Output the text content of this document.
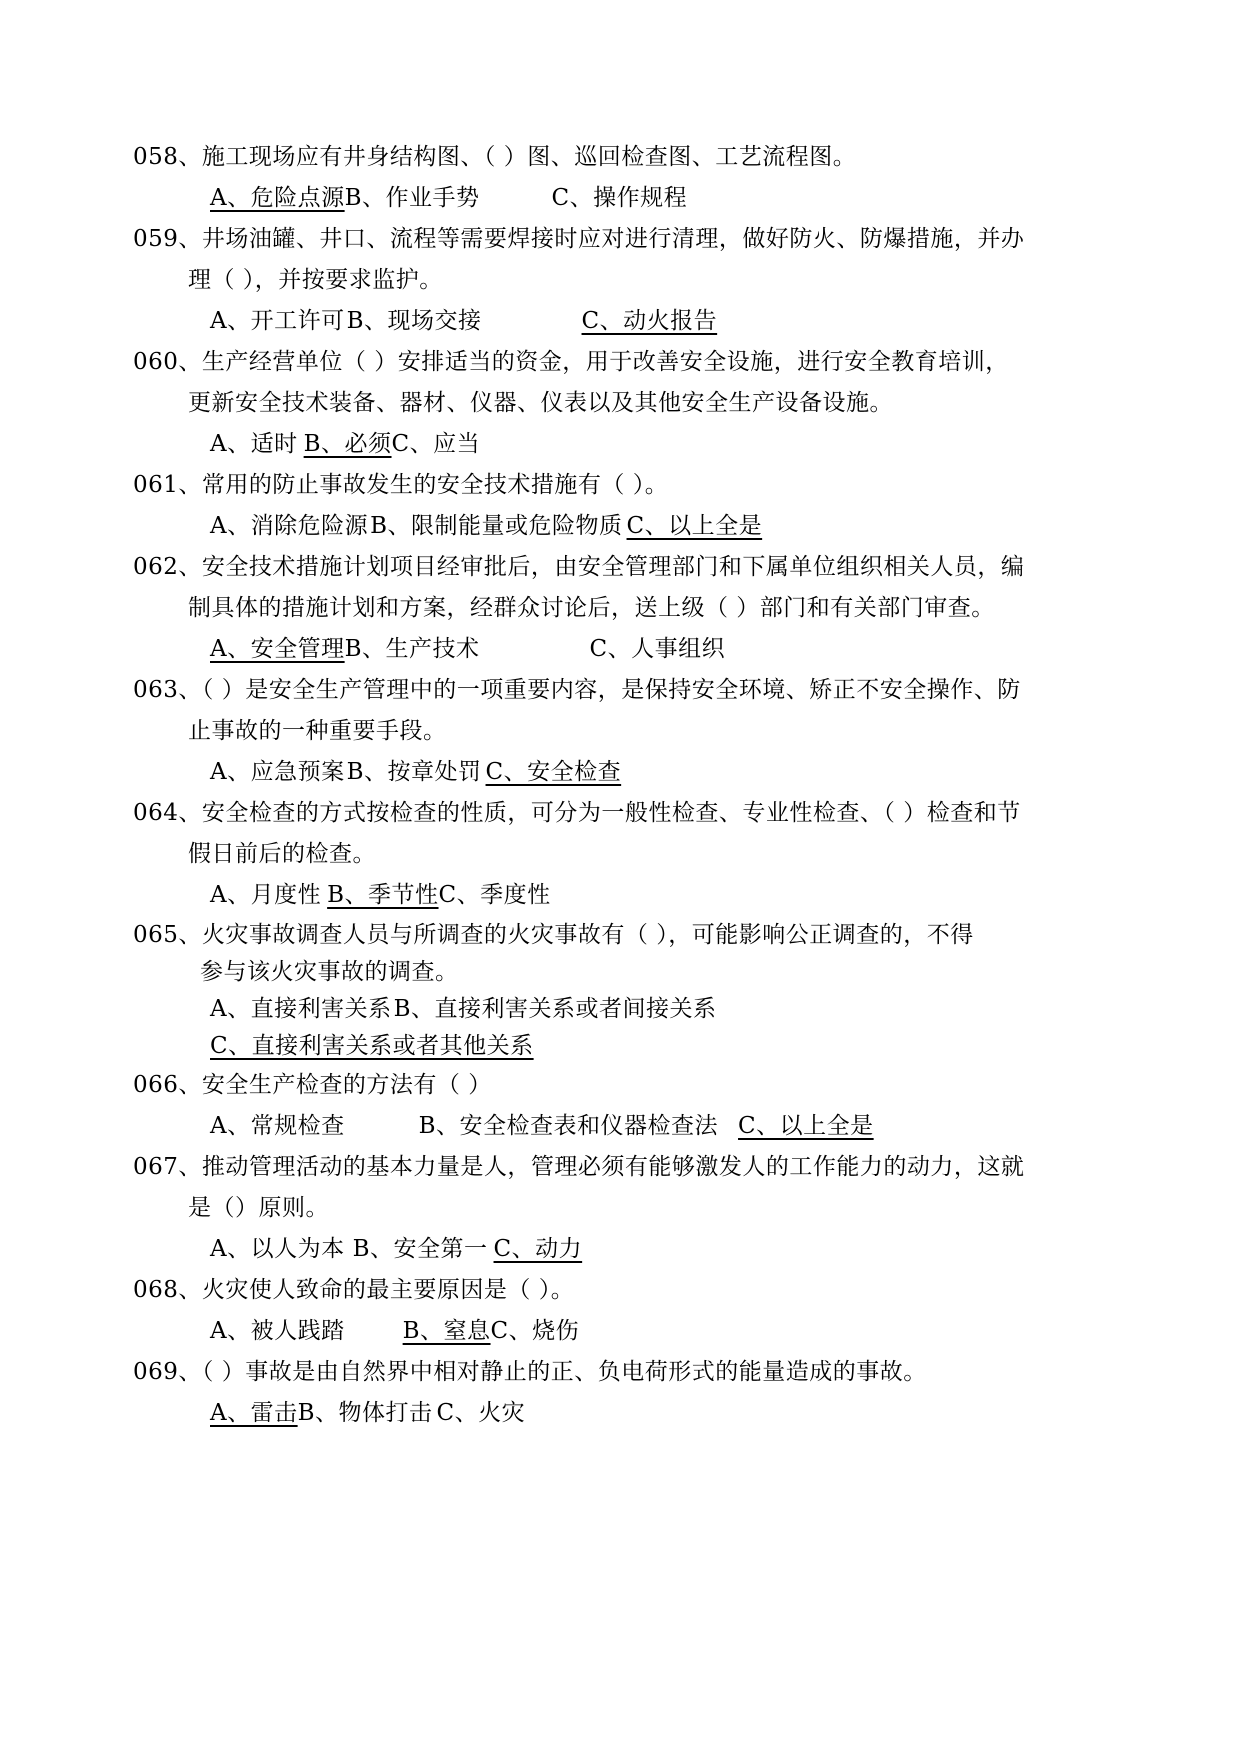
058、施工现场应有井身结构图、（ ）图、巡回检查图、工艺流程图。
A、危险点源B、作业手势	C、操作规程
059、井场油罐、井口、流程等需要焊接时应对进行清理，做好防火、防爆措施，并办
理（ ），并按要求监护。
A、开工许可B、现场交接	C、动火报告
060、生产经营单位（ ）安排适当的资金，用于改善安全设施，进行安全教育培训，
更新安全技术装备、器材、仪器、仪表以及其他安全生产设备设施。
A、适时 B、必须C、应当
061、常用的防止事故发生的安全技术措施有（ ）。
A、消除危险源B、限制能量或危险物质 C、以上全是
062、安全技术措施计划项目经审批后，由安全管理部门和下属单位组织相关人员，编
制具体的措施计划和方案，经群众讨论后，送上级（ ）部门和有关部门审查。
A、安全管理B、生产技术	C、人事组织
063、（ ）是安全生产管理中的一项重要内容，是保持安全环境、矫正不安全操作、防
止事故的一种重要手段。
A、应急预案B、按章处罚 C、安全检查
064、安全检查的方式按检查的性质，可分为一般性检查、专业性检查、（ ）检查和节
假日前后的检查。
A、月度性 B、季节性C、季度性
065、火灾事故调查人员与所调查的火灾事故有（ ），可能影响公正调查的，不得
参与该火灾事故的调查。
A、直接利害关系B、直接利害关系或者间接关系
C、直接利害关系或者其他关系
066、安全生产检查的方法有（ ）
A、常规检查	B、安全检查表和仪器检查法 C、以上全是
067、推动管理活动的基本力量是人，管理必须有能够激发人的工作能力的动力，这就
是（）原则。
A、以人为本 B、安全第一 C、动力
068、火灾使人致命的最主要原因是（ ）。
A、被人践踏	B、窒息C、烧伤
069、（ ）事故是由自然界中相对静止的正、负电荷形式的能量造成的事故。
A、雷击B、物体打击 C、火灾
